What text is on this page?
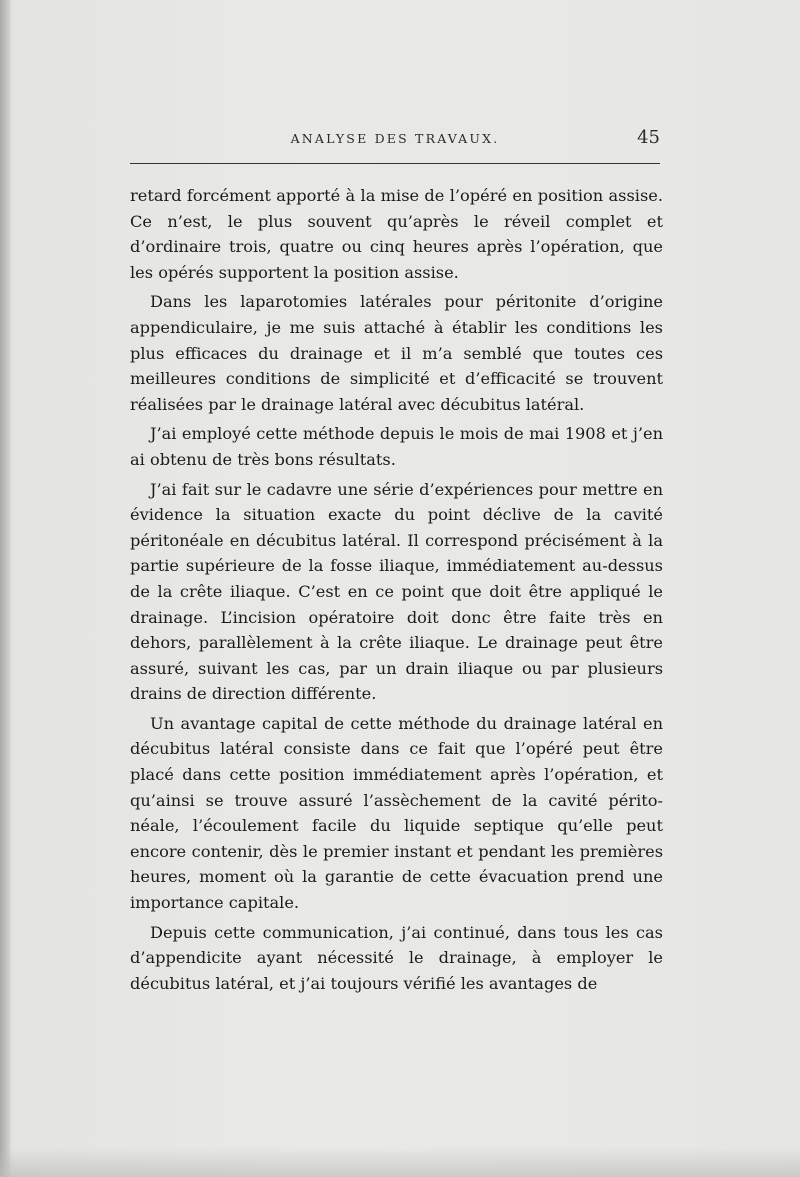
ANALYSE DES TRAVAUX.	45

retard forcément apporté à la mise de l’opéré en position assise. Ce n’est, le plus souvent qu’après le réveil complet et d’ordinaire trois, quatre ou cinq heures après l’opération, que les opérés supportent la position assise.

Dans les laparotomies latérales pour péritonite d’origine appendiculaire, je me suis attaché à établir les conditions les plus efficaces du drainage et il m’a semblé que toutes ces meilleures conditions de simplicité et d’efficacité se trouvent réalisées par le drainage latéral avec décubitus latéral.

J’ai employé cette méthode depuis le mois de mai 1908 et j’en ai obtenu de très bons résultats.

J’ai fait sur le cadavre une série d’expériences pour mettre en évidence la situation exacte du point déclive de la cavité péritonéale en décubitus latéral. Il correspond précisément à la partie supérieure de la fosse iliaque, immédiatement au-dessus de la crête iliaque. C’est en ce point que doit être appliqué le drainage. L’incision opératoire doit donc être faite très en dehors, parallèlement à la crête iliaque. Le drainage peut être assuré, suivant les cas, par un drain iliaque ou par plusieurs drains de direction différente.

Un avantage capital de cette méthode du drainage latéral en décubitus latéral consiste dans ce fait que l’opéré peut être placé dans cette position immédiatement après l’opération, et qu’ainsi se trouve assuré l’assèchement de la cavité périto-néale, l’écoulement facile du liquide septique qu’elle peut encore contenir, dès le premier instant et pendant les premières heures, moment où la garantie de cette évacuation prend une importance capitale.

Depuis cette communication, j’ai continué, dans tous les cas d’appendicite ayant nécessité le drainage, à employer le décubitus latéral, et j’ai toujours vérifié les avantages de
